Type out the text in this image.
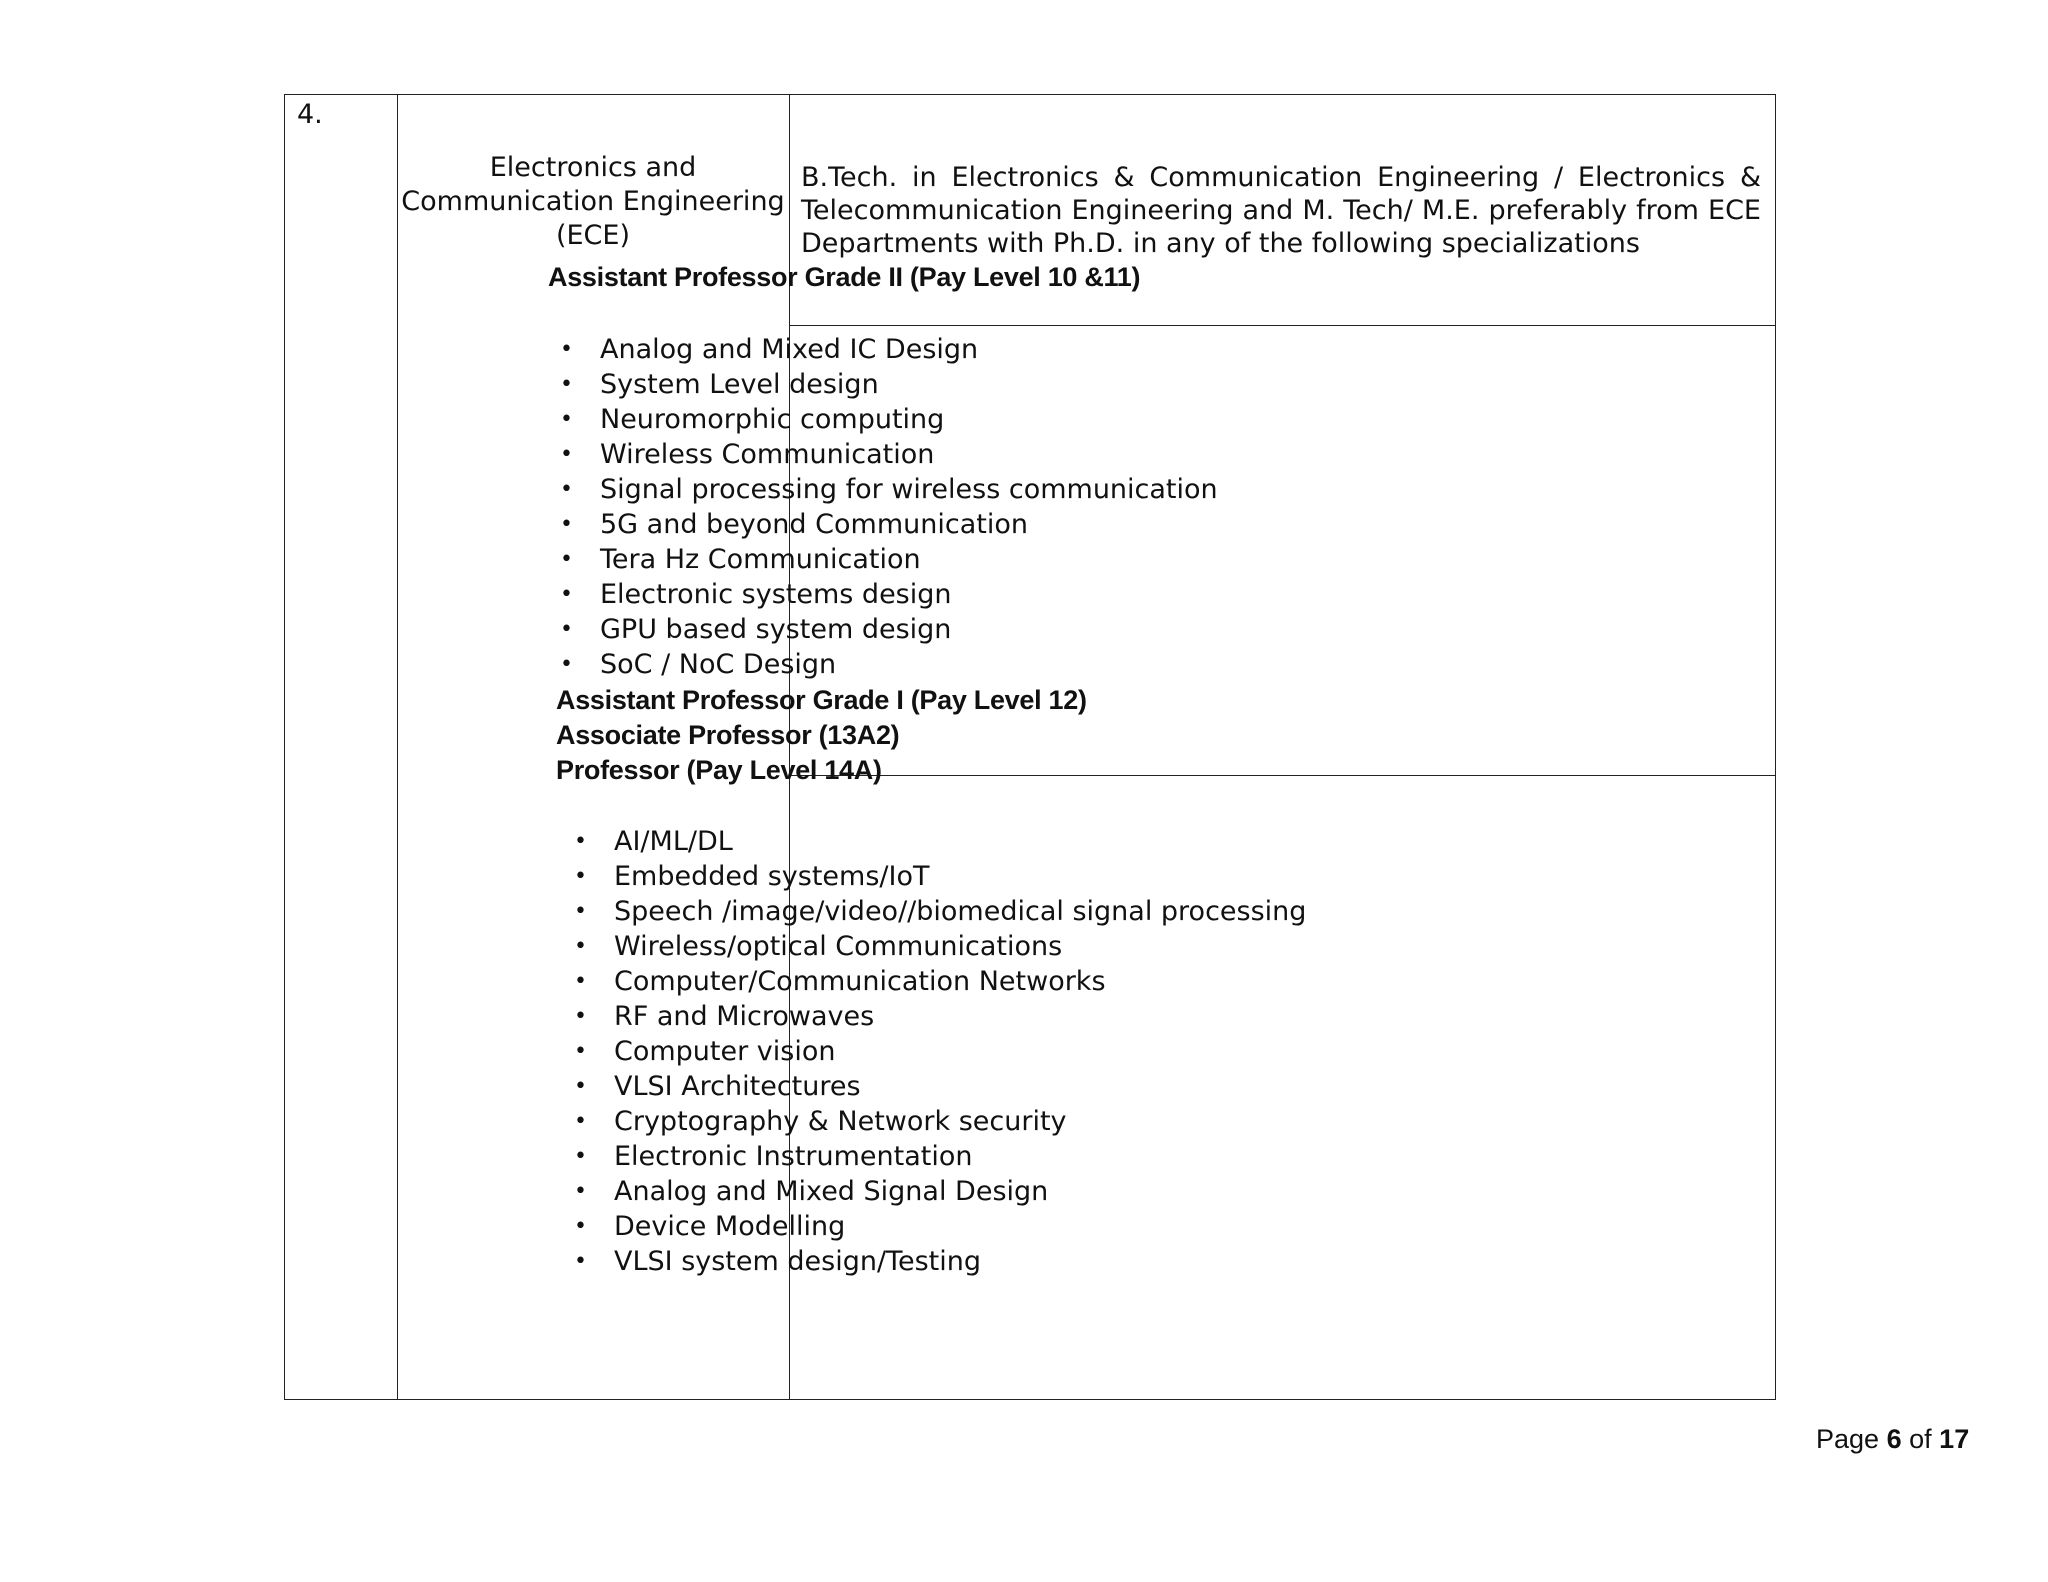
4.
Electronics and Communication Engineering (ECE)
B.Tech. in Electronics & Communication Engineering / Electronics & Telecommunication Engineering and M. Tech/ M.E. preferably from ECE Departments with Ph.D. in any of the following specializations
Assistant Professor Grade II (Pay Level 10 &11)
• Analog and Mixed IC Design
• System Level design
• Neuromorphic computing
• Wireless Communication
• Signal processing for wireless communication
• 5G and beyond Communication
• Tera Hz Communication
• Electronic systems design
• GPU based system design
• SoC / NoC Design
Assistant Professor Grade I (Pay Level 12)
Associate Professor (13A2)
Professor (Pay Level 14A)
• AI/ML/DL
• Embedded systems/IoT
• Speech /image/video//biomedical signal processing
• Wireless/optical Communications
• Computer/Communication Networks
• RF and Microwaves
• Computer vision
• VLSI Architectures
• Cryptography & Network security
• Electronic Instrumentation
• Analog and Mixed Signal Design
• Device Modelling
• VLSI system design/Testing
Page 6 of 17
